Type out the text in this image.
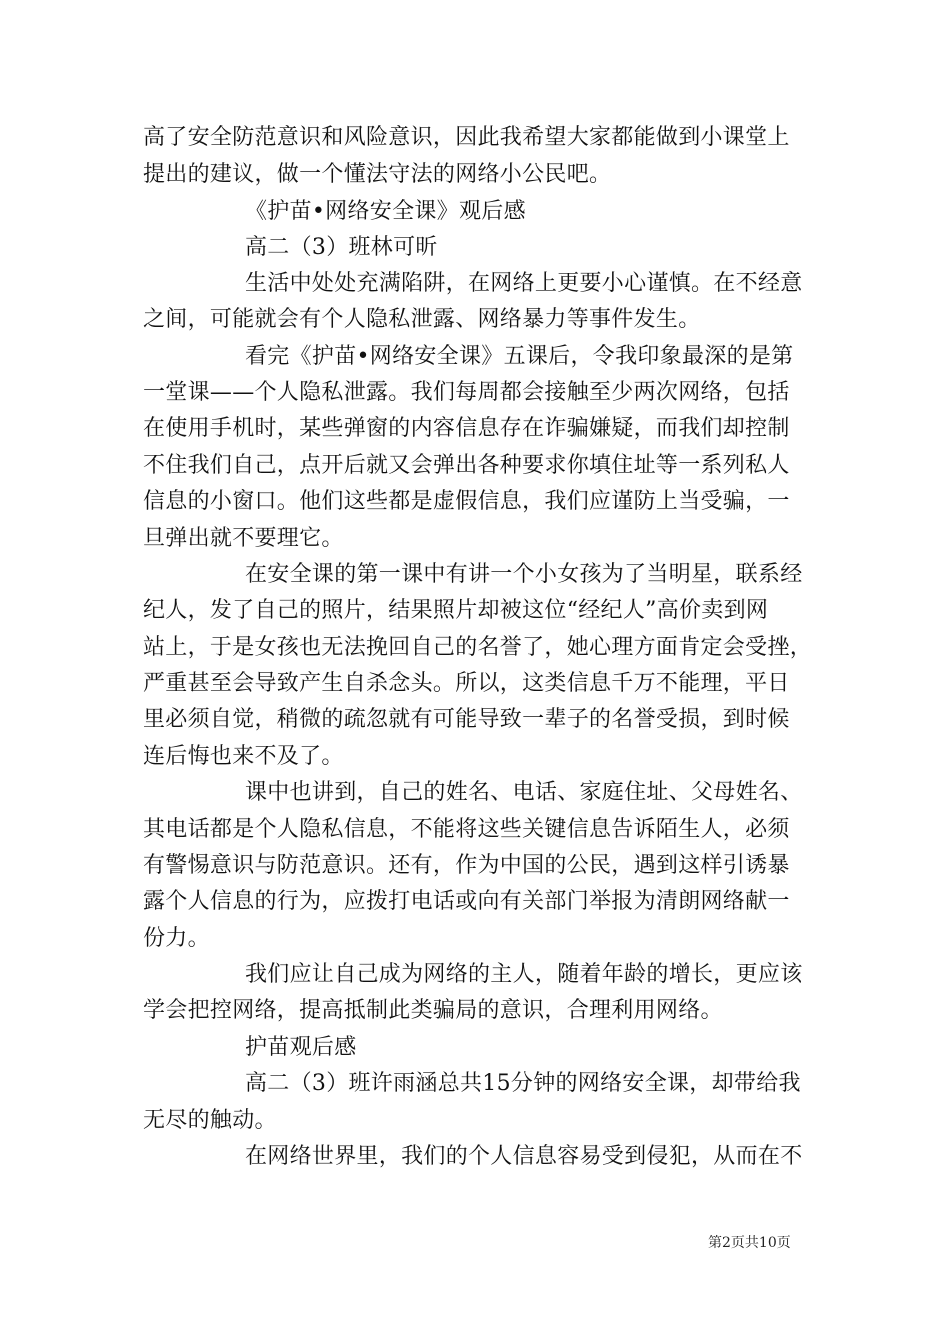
高了安全防范意识和风险意识，因此我希望大家都能做到小课堂上
提出的建议，做一个懂法守法的网络小公民吧。
《护苗•网络安全课》观后感
高二（3）班林可昕
生活中处处充满陷阱，在网络上更要小心谨慎。在不经意
之间，可能就会有个人隐私泄露、网络暴力等事件发生。
看完《护苗•网络安全课》五课后，令我印象最深的是第
一堂课——个人隐私泄露。我们每周都会接触至少两次网络，包括
在使用手机时，某些弹窗的内容信息存在诈骗嫌疑，而我们却控制
不住我们自己，点开后就又会弹出各种要求你填住址等一系列私人
信息的小窗口。他们这些都是虚假信息，我们应谨防上当受骗，一
旦弹出就不要理它。
在安全课的第一课中有讲一个小女孩为了当明星，联系经
纪人，发了自己的照片，结果照片却被这位“经纪人”高价卖到网
站上，于是女孩也无法挽回自己的名誉了，她心理方面肯定会受挫，
严重甚至会导致产生自杀念头。所以，这类信息千万不能理，平日
里必须自觉，稍微的疏忽就有可能导致一辈子的名誉受损，到时候
连后悔也来不及了。
课中也讲到，自己的姓名、电话、家庭住址、父母姓名、
其电话都是个人隐私信息，不能将这些关键信息告诉陌生人，必须
有警惕意识与防范意识。还有，作为中国的公民，遇到这样引诱暴
露个人信息的行为，应拨打电话或向有关部门举报为清朗网络献一
份力。
我们应让自己成为网络的主人，随着年龄的增长，更应该
学会把控网络，提高抵制此类骗局的意识，合理利用网络。
护苗观后感
高二（3）班许雨涵总共15分钟的网络安全课，却带给我
无尽的触动。
在网络世界里，我们的个人信息容易受到侵犯，从而在不
第2页共10页
